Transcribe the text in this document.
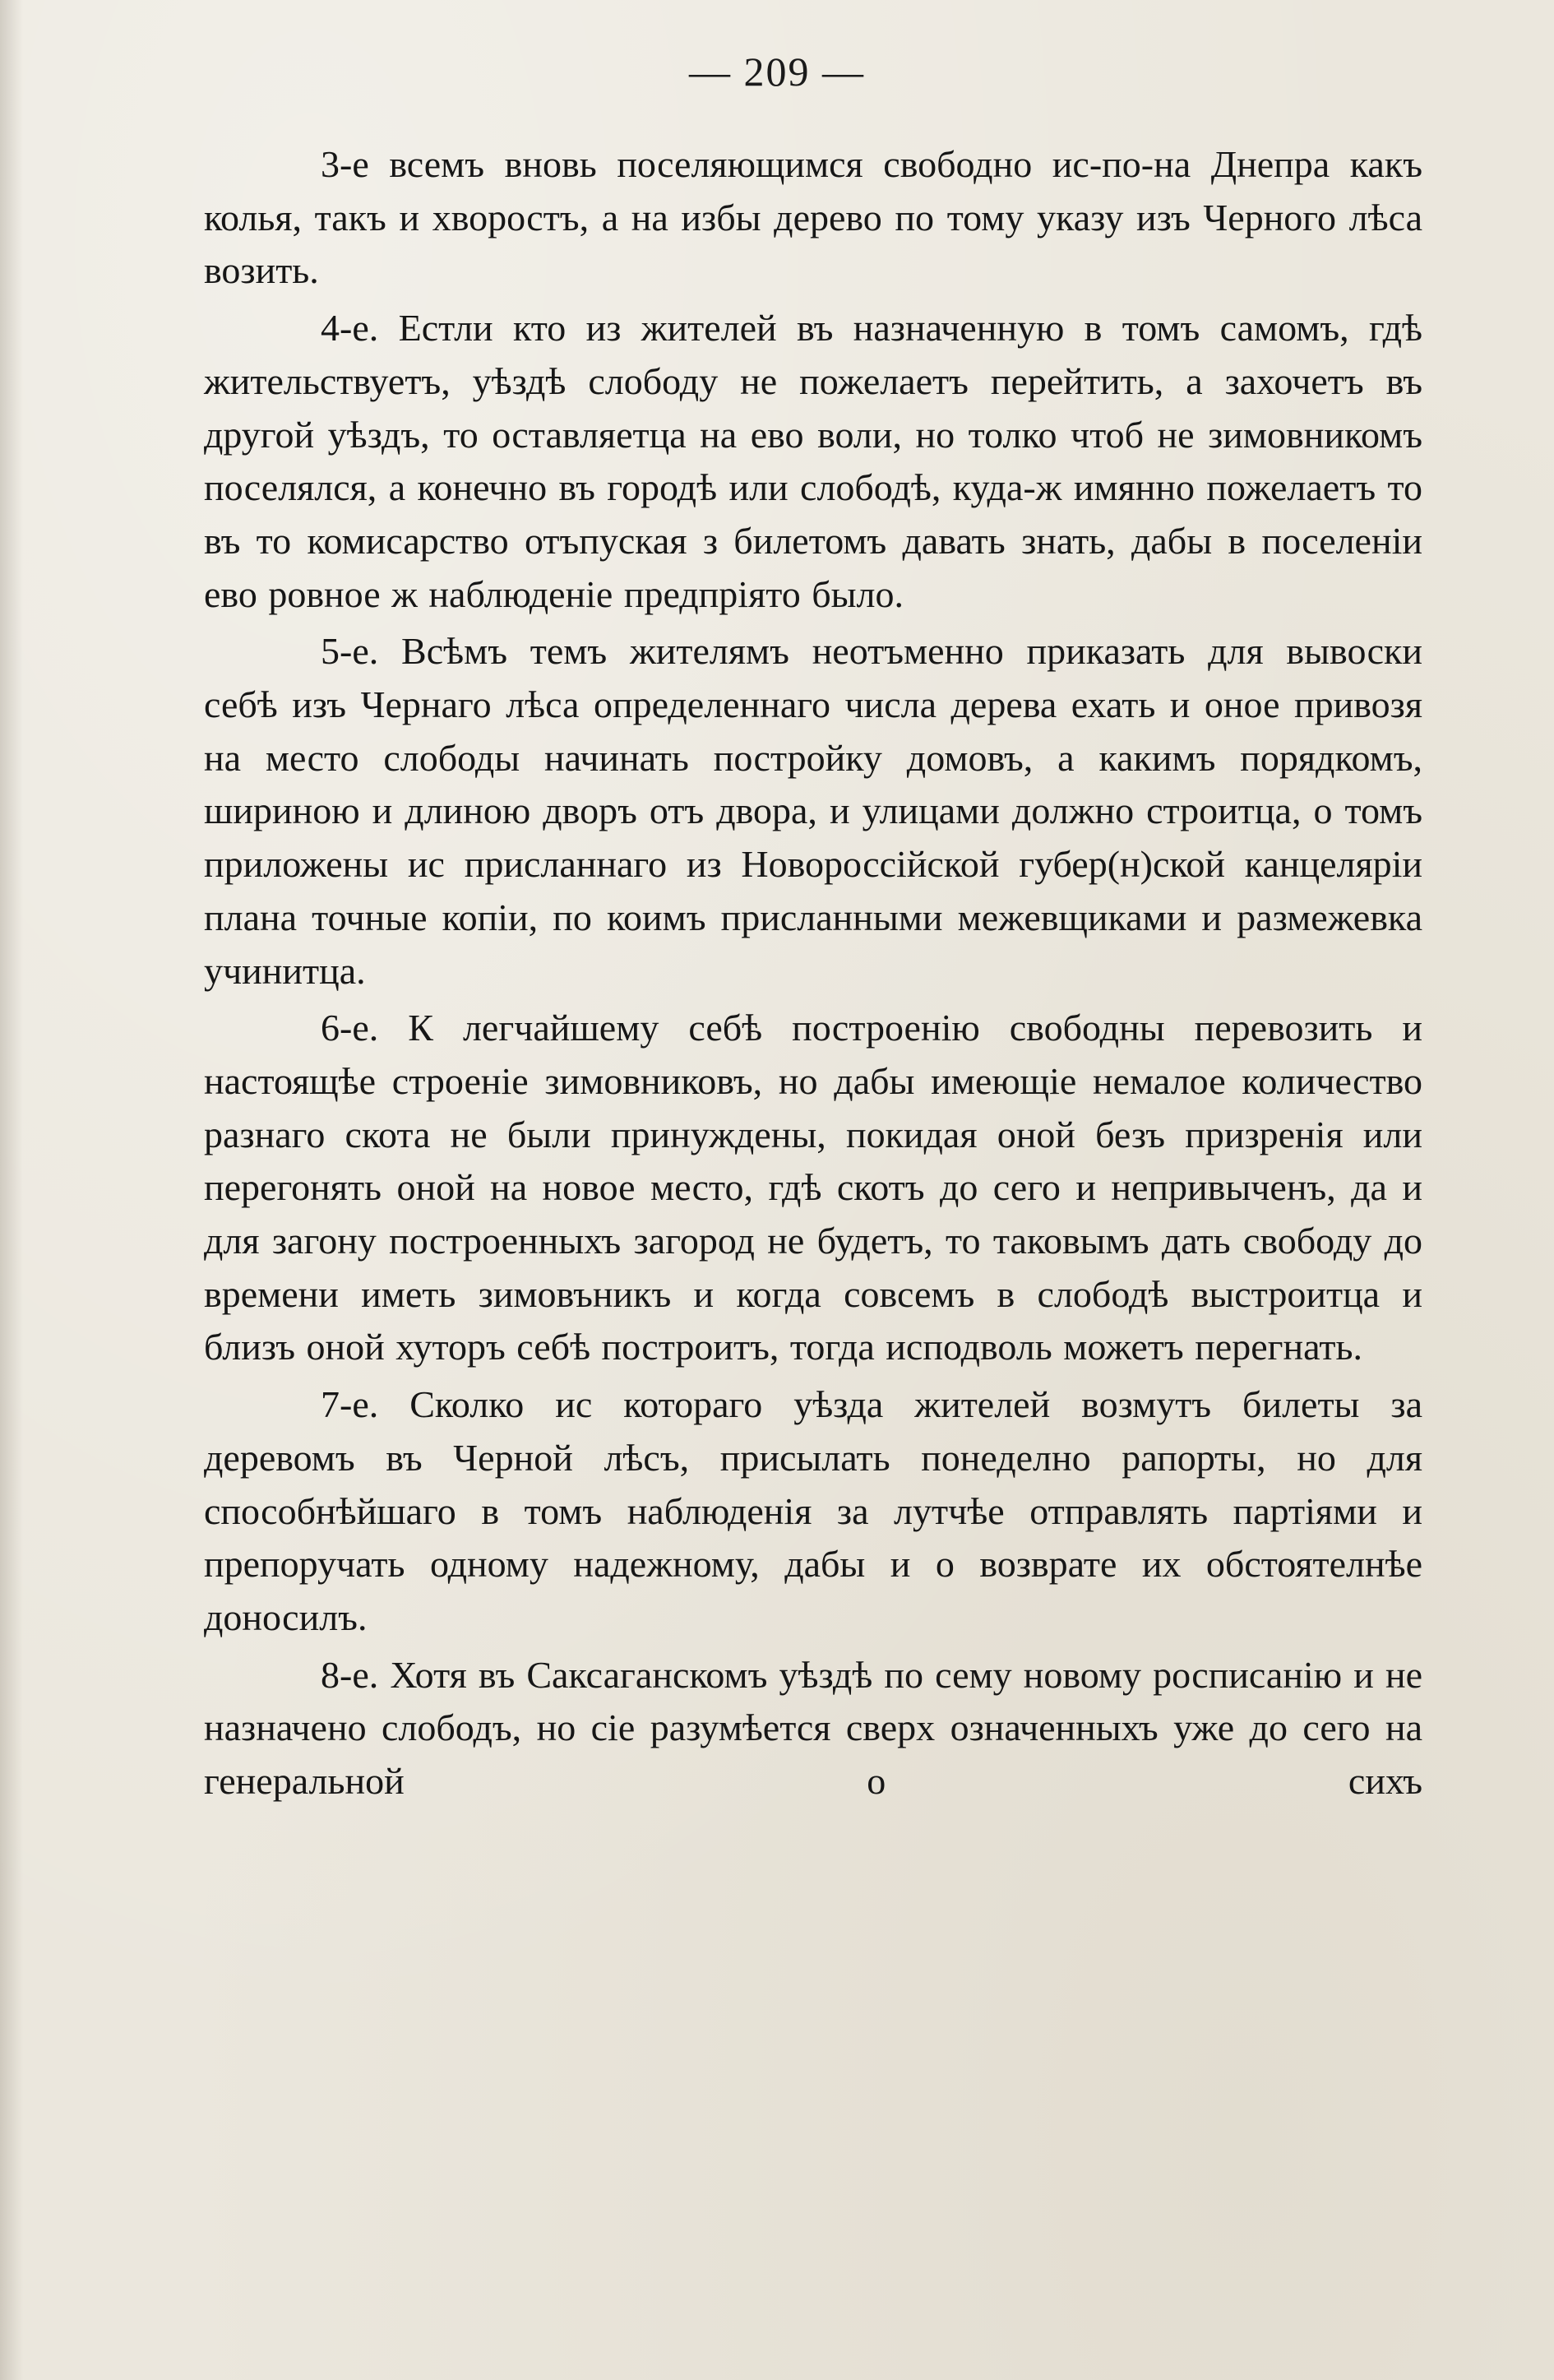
— 209 —

3-е всемъ вновь поселяющимся свободно ис-по-на Днепра какъ колья, такъ и хворостъ, а на избы дерево по тому указу изъ Черного лѣса возить.

4-е. Естли кто из жителей въ назначенную в томъ самомъ, гдѣ жительствуетъ, уѣздѣ слободу не пожелаетъ перейтить, а захочетъ въ другой уѣздъ, то оставляетца на ево воли, но толко чтоб не зимовникомъ поселялся, а конечно въ городѣ или слободѣ, куда-ж имянно пожелаетъ то въ то комисарство отъпуская з билетомъ давать знать, дабы в поселенiи ево ровное ж наблюденiе предпрiято было.

5-е. Всѣмъ темъ жителямъ неотъменно приказать для вывоски себѣ изъ Чернаго лѣса определеннаго числа дерева ехать и оное привозя на место слободы начинать постройку домовъ, а какимъ порядкомъ, шириною и длиною дворъ отъ двора, и улицами должно строитца, о томъ приложены ис присланнаго из Новороссiйской губер(н)ской канцелярiи плана точные копiи, по коимъ присланными межевщиками и размежевка учинитца.

6-е. К легчайшему себѣ построенiю свободны перевозить и настоящѣе строенiе зимовниковъ, но дабы имеющiе немалое количество разнаго скота не были принуждены, покидая оной безъ призренiя или перегонять оной на новое место, гдѣ скотъ до сего и непривыченъ, да и для загону построенныхъ загород не будетъ, то таковымъ дать свободу до времени иметь зимовъникъ и когда совсемъ в слободѣ выстроитца и близъ оной хуторъ себѣ построитъ, тогда исподволь можетъ перегнать.

7-е. Сколко ис котораго уѣзда жителей возмутъ билеты за деревомъ въ Черной лѣсъ, присылать понеделно рапорты, но для способнѣйшаго в томъ наблюденiя за лутчѣе отправлять партiями и препоручать одному надежному, дабы и о возврате их обстоятелнѣе доносилъ.

8-е. Хотя въ Саксаганскомъ уѣздѣ по сему новому росписанiю и не назначено слободъ, но сiе разумѣется сверх означенныхъ уже до сего на генеральной о сихъ
